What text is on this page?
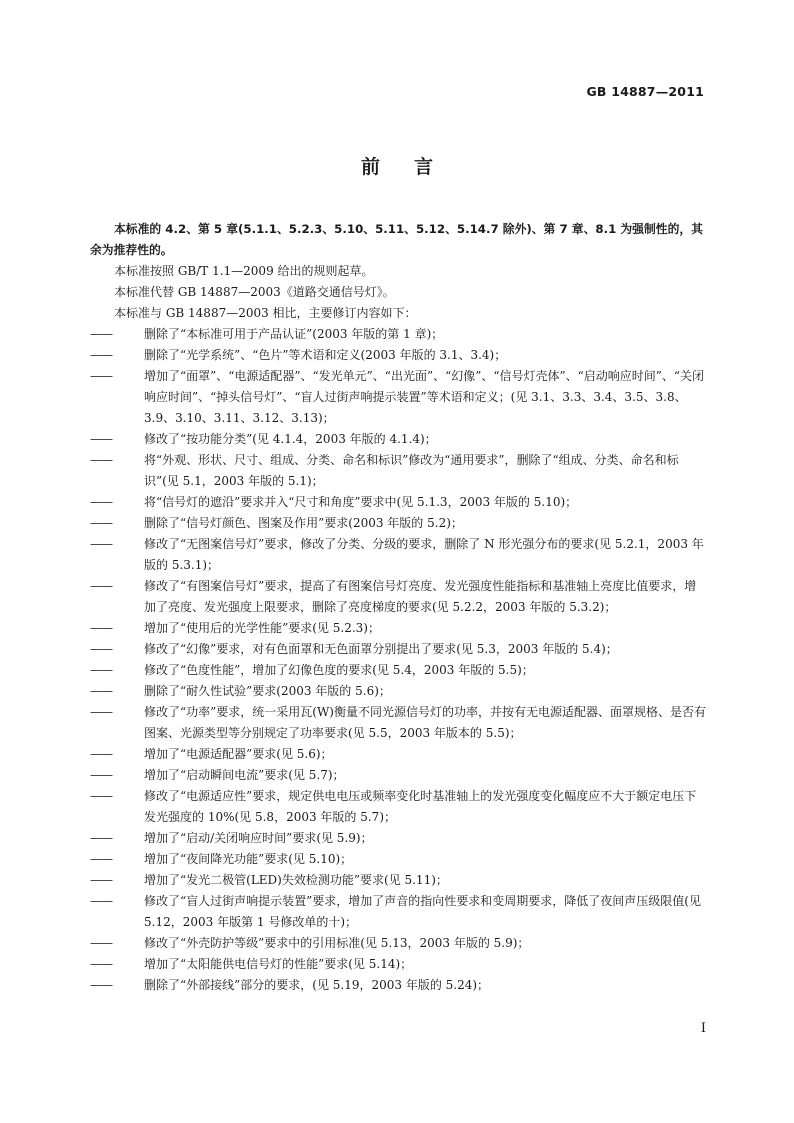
GB 14887—2011
前言

本标准的 4.2、第 5 章(5.1.1、5.2.3、5.10、5.11、5.12、5.14.7 除外)、第 7 章、8.1 为强制性的，其余为推荐性的。

本标准按照 GB/T 1.1—2009 给出的规则起草。

本标准代替 GB 14887—2003《道路交通信号灯》。

本标准与 GB 14887—2003 相比，主要修订内容如下：

——	删除了“本标准可用于产品认证”(2003 年版的第 1 章)；

——	删除了“光学系统”、“色片”等术语和定义(2003 年版的 3.1、3.4)；

——	增加了“面罩”、“电源适配器”、“发光单元”、“出光面”、“幻像”、“信号灯壳体”、“启动响应时间”、“关闭响应时间”、“掉头信号灯”、“盲人过街声响提示装置”等术语和定义；(见 3.1、3.3、3.4、3.5、3.8、3.9、3.10、3.11、3.12、3.13)；

——	修改了“按功能分类”(见 4.1.4，2003 年版的 4.1.4)；

——	将“外观、形状、尺寸、组成、分类、命名和标识”修改为“通用要求”，删除了“组成、分类、命名和标识”(见 5.1，2003 年版的 5.1)；

——	将“信号灯的遮沿”要求并入“尺寸和角度”要求中(见 5.1.3，2003 年版的 5.10)；

——	删除了“信号灯颜色、图案及作用”要求(2003 年版的 5.2)；

——	修改了“无图案信号灯”要求，修改了分类、分级的要求，删除了 N 形光强分布的要求(见 5.2.1，2003 年版的 5.3.1)；

——	修改了“有图案信号灯”要求，提高了有图案信号灯亮度、发光强度性能指标和基准轴上亮度比值要求，增加了亮度、发光强度上限要求，删除了亮度梯度的要求(见 5.2.2，2003 年版的 5.3.2)；

——	增加了“使用后的光学性能”要求(见 5.2.3)；

——	修改了“幻像”要求，对有色面罩和无色面罩分别提出了要求(见 5.3，2003 年版的 5.4)；

——	修改了“色度性能”，增加了幻像色度的要求(见 5.4，2003 年版的 5.5)；

——	删除了“耐久性试验”要求(2003 年版的 5.6)；

——	修改了“功率”要求，统一采用瓦(W)衡量不同光源信号灯的功率，并按有无电源适配器、面罩规格、是否有图案、光源类型等分别规定了功率要求(见 5.5，2003 年版本的 5.5)；

——	增加了“电源适配器”要求(见 5.6)；

——	增加了“启动瞬间电流”要求(见 5.7)；

——	修改了“电源适应性”要求，规定供电电压或频率变化时基准轴上的发光强度变化幅度应不大于额定电压下发光强度的 10%(见 5.8，2003 年版的 5.7)；

——	增加了“启动/关闭响应时间”要求(见 5.9)；

——	增加了“夜间降光功能”要求(见 5.10)；

——	增加了“发光二极管(LED)失效检测功能”要求(见 5.11)；

——	修改了“盲人过街声响提示装置”要求，增加了声音的指向性要求和变周期要求，降低了夜间声压级限值(见 5.12，2003 年版第 1 号修改单的十)；

——	修改了“外壳防护等级”要求中的引用标准(见 5.13，2003 年版的 5.9)；

——	增加了“太阳能供电信号灯的性能”要求(见 5.14)；

——	删除了“外部接线”部分的要求，(见 5.19，2003 年版的 5.24)；

I
